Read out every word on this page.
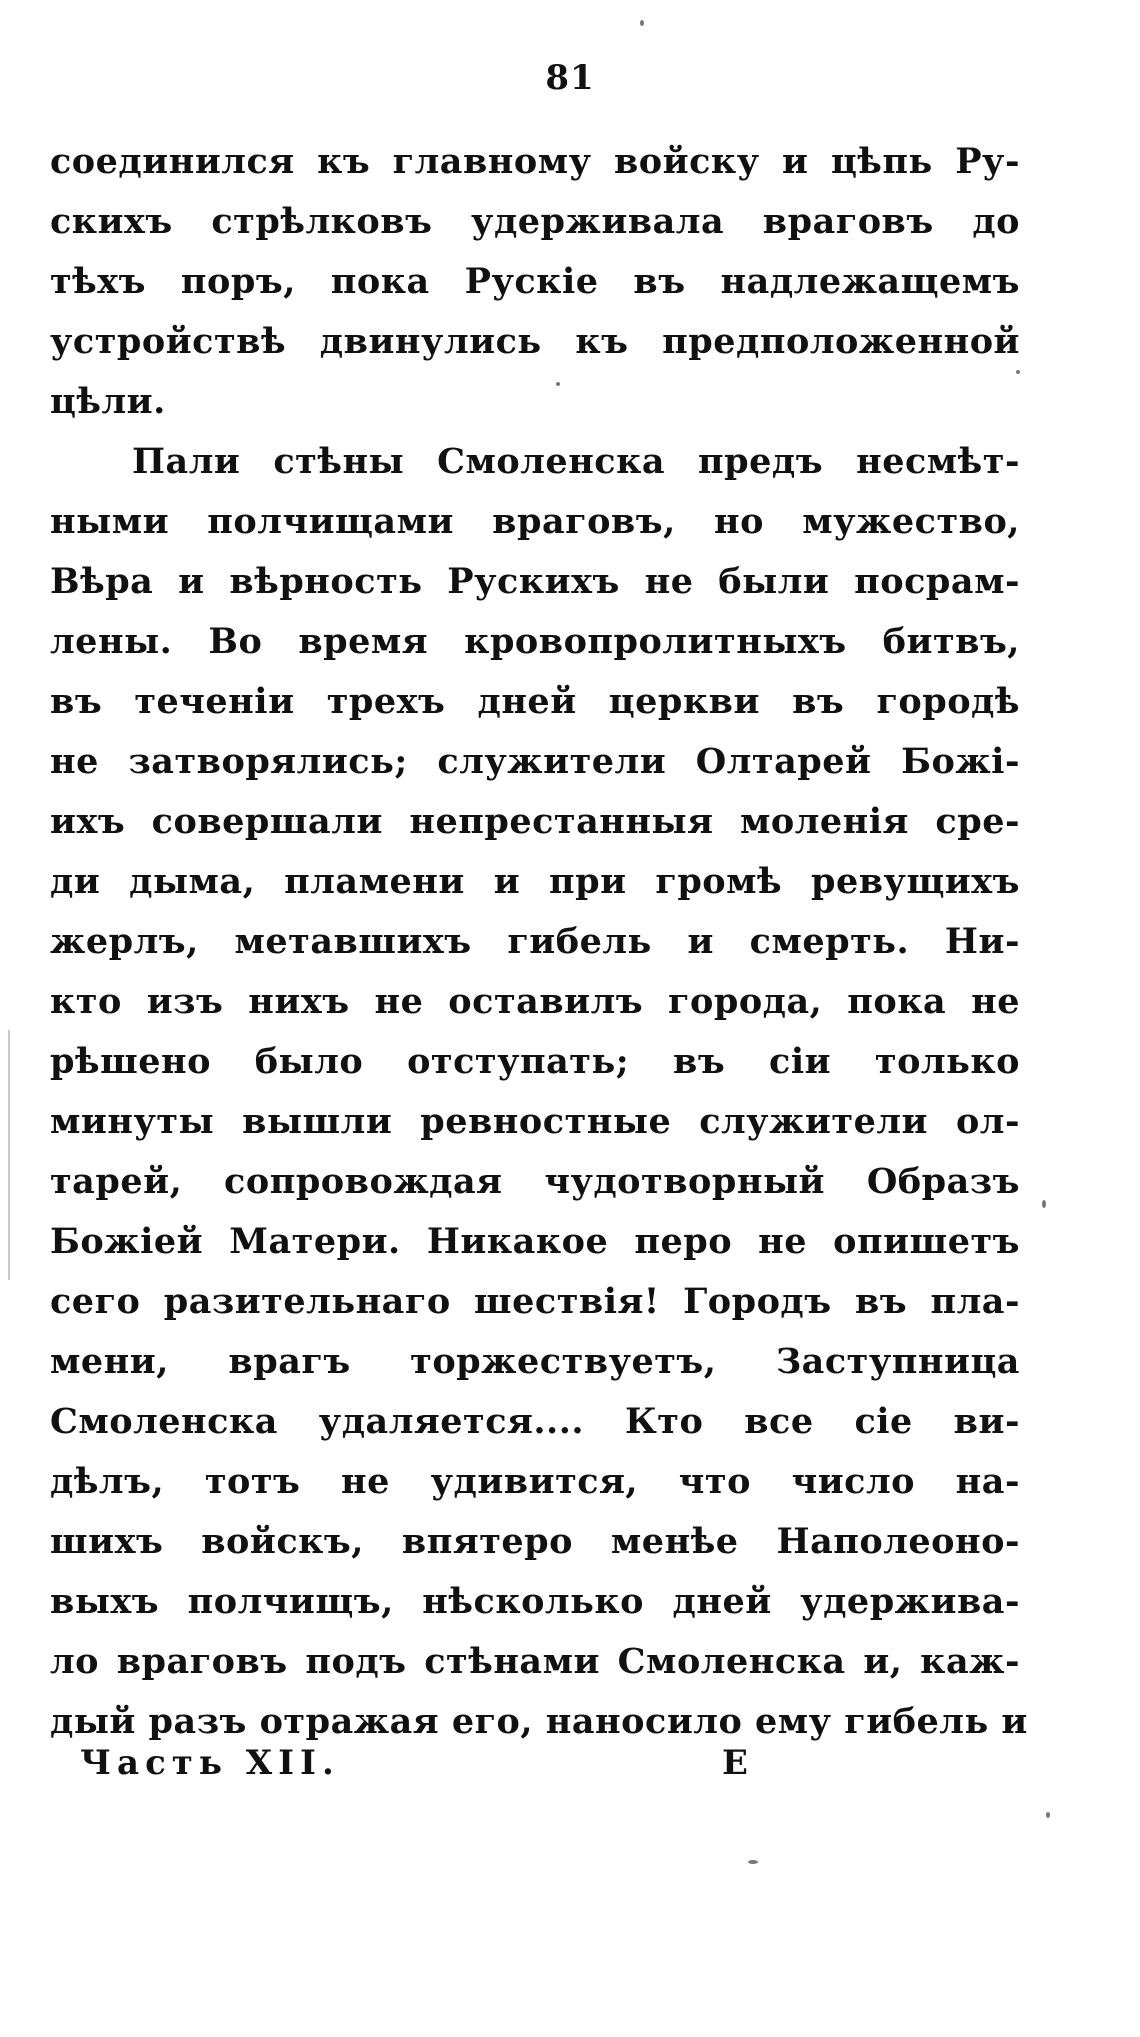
81
соединился къ главному войску и цѣпь Ру-
скихъ стрѣлковъ удерживала враговъ до
тѣхъ поръ, пока Рускіе въ надлежащемъ
устройствѣ двинулись къ предположенной
цѣли.
Пали стѣны Смоленска предъ несмѣт-
ными полчищами враговъ, но мужество,
Вѣра и вѣрность Руcкихъ не были посрам-
лены. Во время кровопролитныхъ битвъ,
въ теченіи трехъ дней церкви въ городѣ
не затворялись; служители Олтарей Божі-
ихъ совершали непрестанныя моленія сре-
ди дыма, пламени и при громѣ ревущихъ
жерлъ, метавшихъ гибель и смерть. Ни-
кто изъ нихъ не оставилъ города, пока не
рѣшено было отступать; въ сіи только
минуты вышли ревностные служители ол-
тарей, сопровождая чудотворный Образъ
Божіей Матери. Никакое перо не опишетъ
сего разительнаго шествія! Городъ въ пла-
мени, врагъ торжествуетъ, Заступница
Смоленска удаляется.... Кто все сіе ви-
дѣлъ, тотъ не удивится, что число на-
шихъ войскъ, впятеро менѣе Наполеоно-
выхъ полчищъ, нѣсколько дней удержива-
ло враговъ подъ стѣнами Смоленска и, каж-
дый разъ отражая его, наносило ему гибель и
Часть XII.	E
